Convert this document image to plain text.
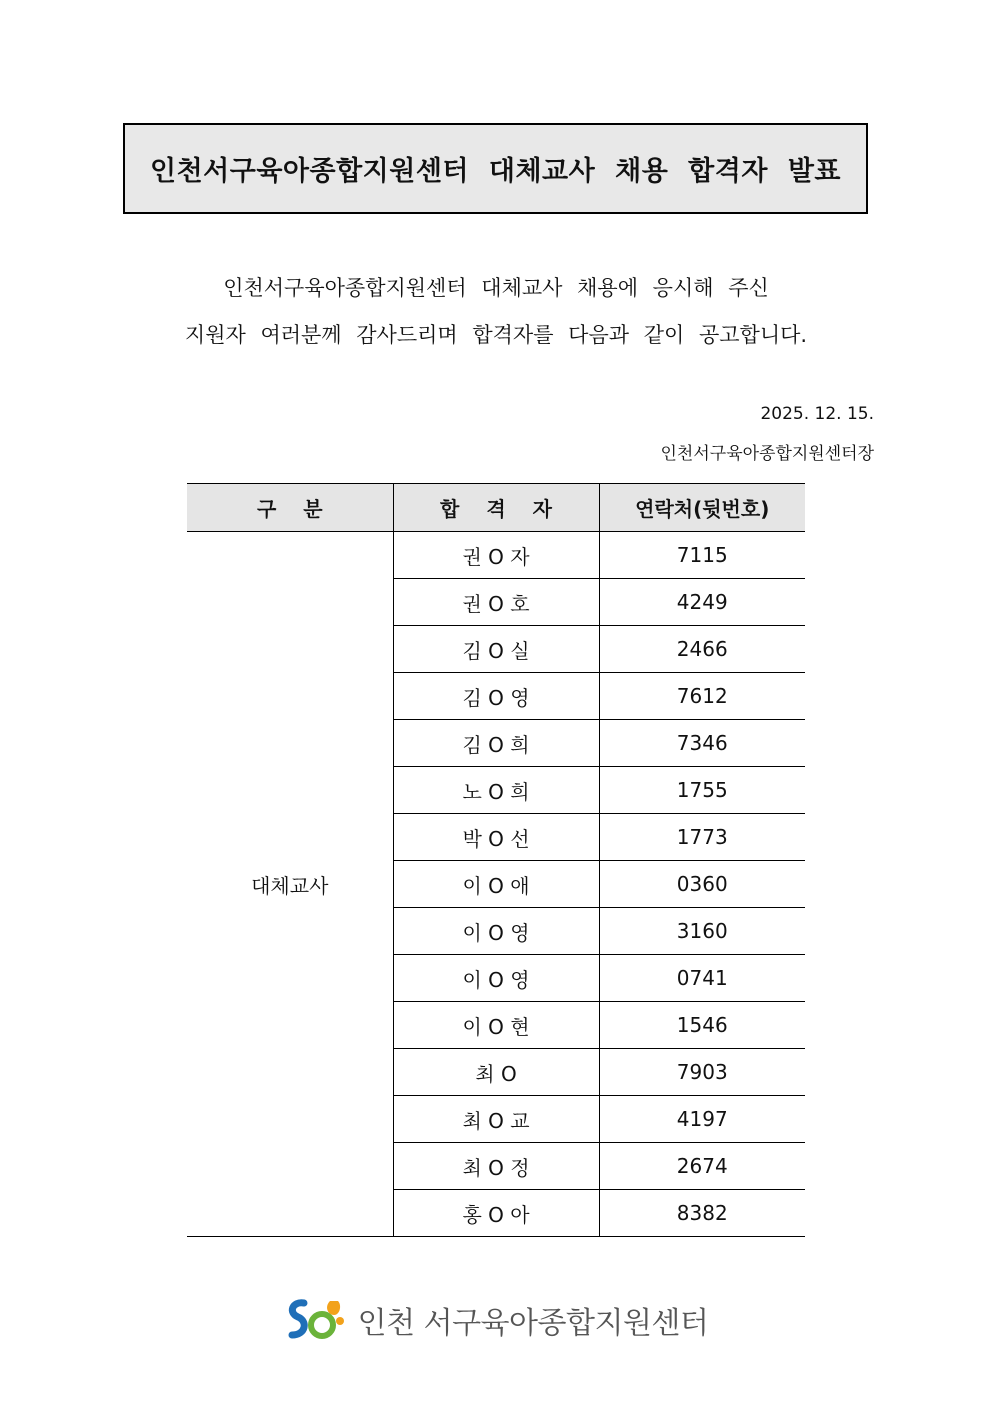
인천서구육아종합지원센터 대체교사 채용 합격자 발표
인천서구육아종합지원센터 대체교사 채용에 응시해 주신
지원자 여러분께 감사드리며 합격자를 다음과 같이 공고합니다.
2025. 12. 15.
인천서구육아종합지원센터장
구 분	합 격 자	연락처(뒷번호)
대체교사	권 O 자	7115
	권 O 호	4249
	김 O 실	2466
	김 O 영	7612
	김 O 희	7346
	노 O 희	1755
	박 O 선	1773
	이 O 애	0360
	이 O 영	3160
	이 O 영	0741
	이 O 현	1546
	최 O	7903
	최 O 교	4197
	최 O 정	2674
	홍 O 아	8382
인천 서구육아종합지원센터
